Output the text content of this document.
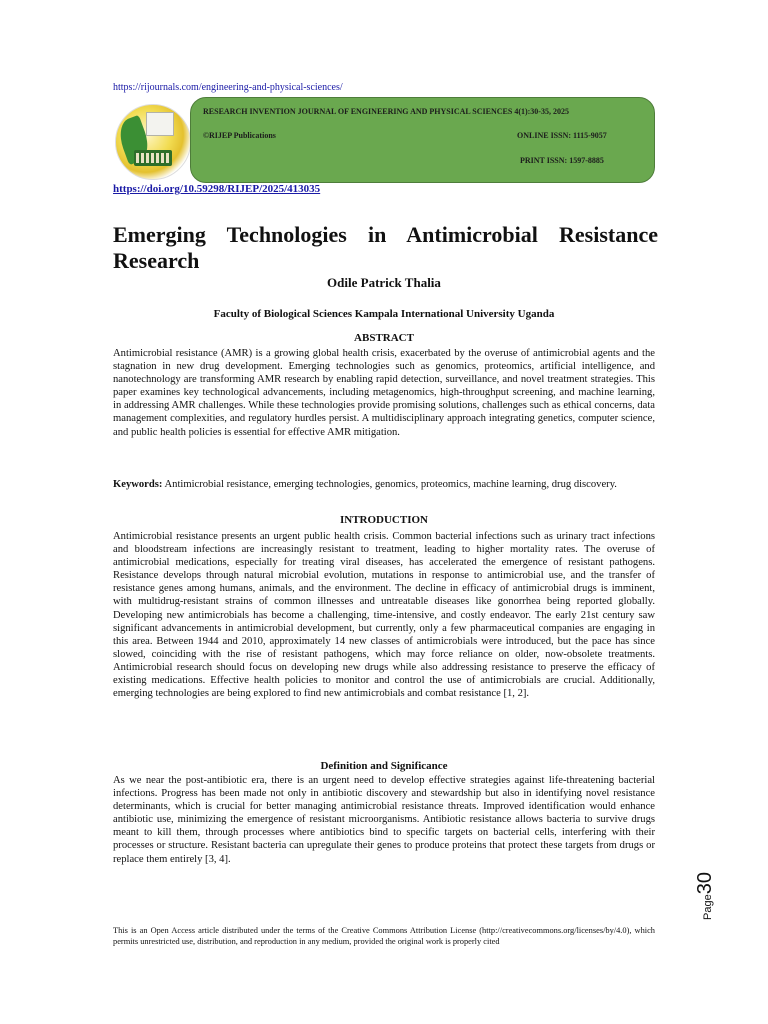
https://rijournals.com/engineering-and-physical-sciences/
RESEARCH INVENTION JOURNAL OF ENGINEERING AND PHYSICAL SCIENCES 4(1):30-35, 2025
©RIJEP Publications	ONLINE ISSN: 1115-9057
PRINT ISSN: 1597-8885
https://doi.org/10.59298/RIJEP/2025/413035
Emerging Technologies in Antimicrobial Resistance Research
Odile Patrick Thalia
Faculty of Biological Sciences Kampala International University Uganda
ABSTRACT
Antimicrobial resistance (AMR) is a growing global health crisis, exacerbated by the overuse of antimicrobial agents and the stagnation in new drug development. Emerging technologies such as genomics, proteomics, artificial intelligence, and nanotechnology are transforming AMR research by enabling rapid detection, surveillance, and novel treatment strategies. This paper examines key technological advancements, including metagenomics, high-throughput screening, and machine learning, in addressing AMR challenges. While these technologies provide promising solutions, challenges such as ethical concerns, data management complexities, and regulatory hurdles persist. A multidisciplinary approach integrating genetics, computer science, and public health policies is essential for effective AMR mitigation.
Keywords: Antimicrobial resistance, emerging technologies, genomics, proteomics, machine learning, drug discovery.
INTRODUCTION
Antimicrobial resistance presents an urgent public health crisis. Common bacterial infections such as urinary tract infections and bloodstream infections are increasingly resistant to treatment, leading to higher mortality rates. The overuse of antimicrobial medications, especially for treating viral diseases, has accelerated the emergence of resistant pathogens. Resistance develops through natural microbial evolution, mutations in response to antimicrobial use, and the transfer of resistance genes among humans, animals, and the environment. The decline in efficacy of antimicrobial drugs is imminent, with multidrug-resistant strains of common illnesses and untreatable diseases like gonorrhea being reported globally. Developing new antimicrobials has become a challenging, time-intensive, and costly endeavor. The early 21st century saw significant advancements in antimicrobial development, but currently, only a few pharmaceutical companies are engaging in this area. Between 1944 and 2010, approximately 14 new classes of antimicrobials were introduced, but the pace has since slowed, coinciding with the rise of resistant pathogens, which may force reliance on older, now-obsolete treatments. Antimicrobial research should focus on developing new drugs while also addressing resistance to preserve the efficacy of existing medications. Effective health policies to monitor and control the use of antimicrobials are crucial. Additionally, emerging technologies are being explored to find new antimicrobials and combat resistance [1, 2].
Definition and Significance
As we near the post-antibiotic era, there is an urgent need to develop effective strategies against life-threatening bacterial infections. Progress has been made not only in antibiotic discovery and stewardship but also in identifying novel resistance determinants, which is crucial for better managing antimicrobial resistance threats. Improved identification would enhance antibiotic use, minimizing the emergence of resistant microorganisms. Antibiotic resistance allows bacteria to survive drugs meant to kill them, through processes where antibiotics bind to specific targets on bacterial cells, interfering with their processes or structure. Resistant bacteria can upregulate their genes to produce proteins that protect these targets from drugs or replace them entirely [3, 4].
This is an Open Access article distributed under the terms of the Creative Commons Attribution License (http://creativecommons.org/licenses/by/4.0), which permits unrestricted use, distribution, and reproduction in any medium, provided the original work is properly cited
Page30
